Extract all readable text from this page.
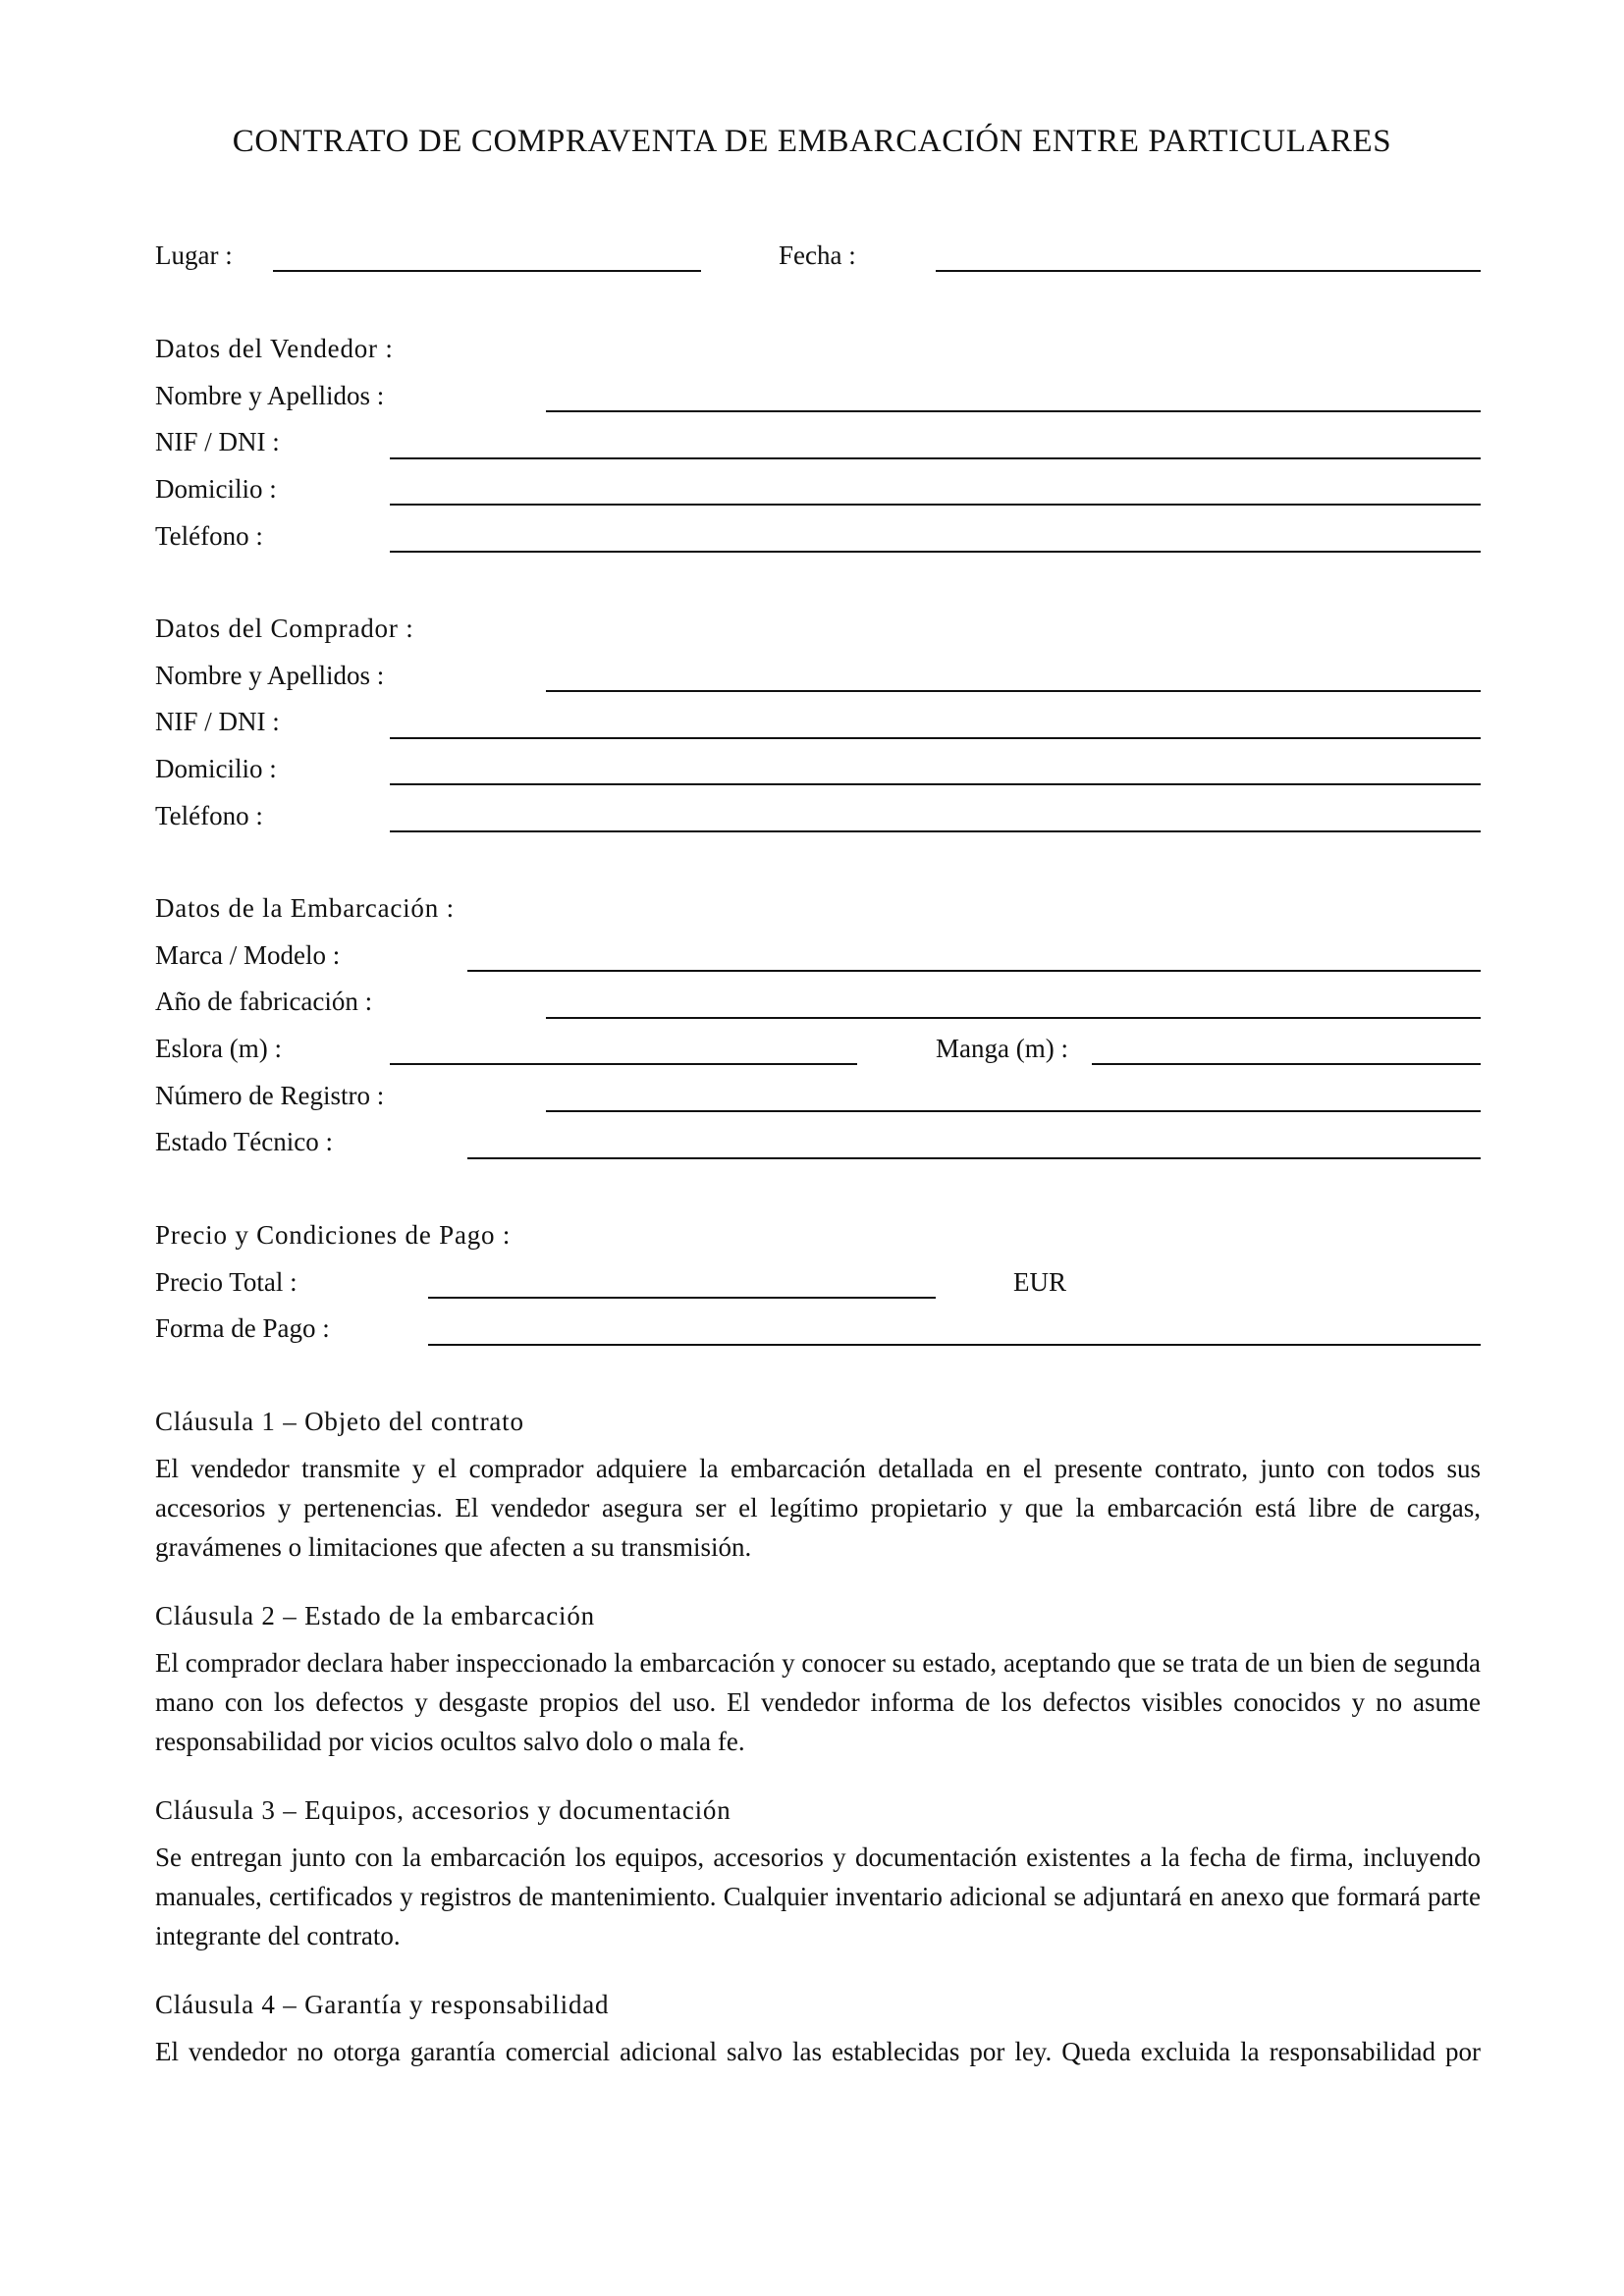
CONTRATO DE COMPRAVENTA DE EMBARCACIÓN ENTRE PARTICULARES
Lugar :	Fecha :
Datos del Vendedor :
Nombre y Apellidos :
NIF / DNI :
Domicilio :
Teléfono :
Datos del Comprador :
Nombre y Apellidos :
NIF / DNI :
Domicilio :
Teléfono :
Datos de la Embarcación :
Marca / Modelo :
Año de fabricación :
Eslora (m) :	Manga (m) :
Número de Registro :
Estado Técnico :
Precio y Condiciones de Pago :
Precio Total :	EUR
Forma de Pago :
Cláusula 1 – Objeto del contrato
El vendedor transmite y el comprador adquiere la embarcación detallada en el presente contrato, junto con todos sus accesorios y pertenencias. El vendedor asegura ser el legítimo propietario y que la embarcación está libre de cargas, gravámenes o limitaciones que afecten a su transmisión.
Cláusula 2 – Estado de la embarcación
El comprador declara haber inspeccionado la embarcación y conocer su estado, aceptando que se trata de un bien de segunda mano con los defectos y desgaste propios del uso. El vendedor informa de los defectos visibles conocidos y no asume responsabilidad por vicios ocultos salvo dolo o mala fe.
Cláusula 3 – Equipos, accesorios y documentación
Se entregan junto con la embarcación los equipos, accesorios y documentación existentes a la fecha de firma, incluyendo manuales, certificados y registros de mantenimiento. Cualquier inventario adicional se adjuntará en anexo que formará parte integrante del contrato.
Cláusula 4 – Garantía y responsabilidad
El vendedor no otorga garantía comercial adicional salvo las establecidas por ley. Queda excluida la responsabilidad por
